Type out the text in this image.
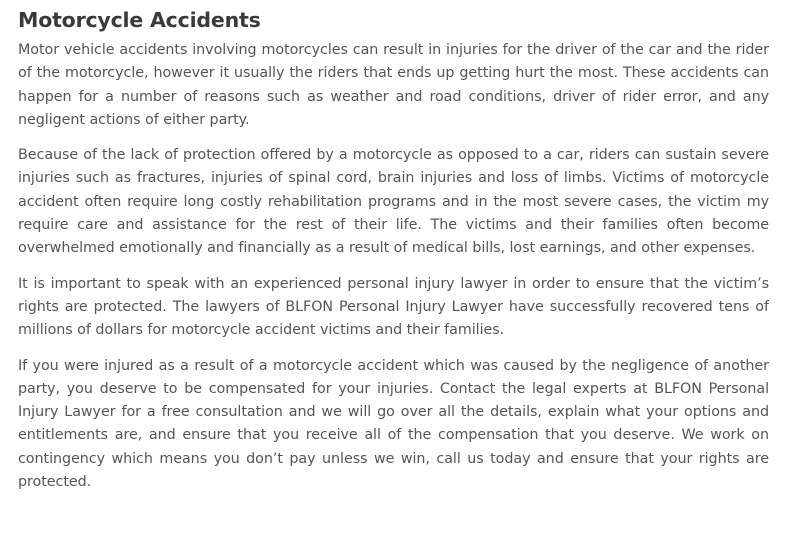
Motorcycle Accidents

Motor vehicle accidents involving motorcycles can result in injuries for the driver of the car and the rider of the motorcycle, however it usually the riders that ends up getting hurt the most. These accidents can happen for a number of reasons such as weather and road conditions, driver of rider error, and any negligent actions of either party.

Because of the lack of protection offered by a motorcycle as opposed to a car, riders can sustain severe injuries such as fractures, injuries of spinal cord, brain injuries and loss of limbs. Victims of motorcycle accident often require long costly rehabilitation programs and in the most severe cases, the victim my require care and assistance for the rest of their life. The victims and their families often become overwhelmed emotionally and financially as a result of medical bills, lost earnings, and other expenses.

It is important to speak with an experienced personal injury lawyer in order to ensure that the victim’s rights are protected. The lawyers of BLFON Personal Injury Lawyer have successfully recovered tens of millions of dollars for motorcycle accident victims and their families.

If you were injured as a result of a motorcycle accident which was caused by the negligence of another party, you deserve to be compensated for your injuries. Contact the legal experts at BLFON Personal Injury Lawyer for a free consultation and we will go over all the details, explain what your options and entitlements are, and ensure that you receive all of the compensation that you deserve. We work on contingency which means you don’t pay unless we win, call us today and ensure that your rights are protected.
